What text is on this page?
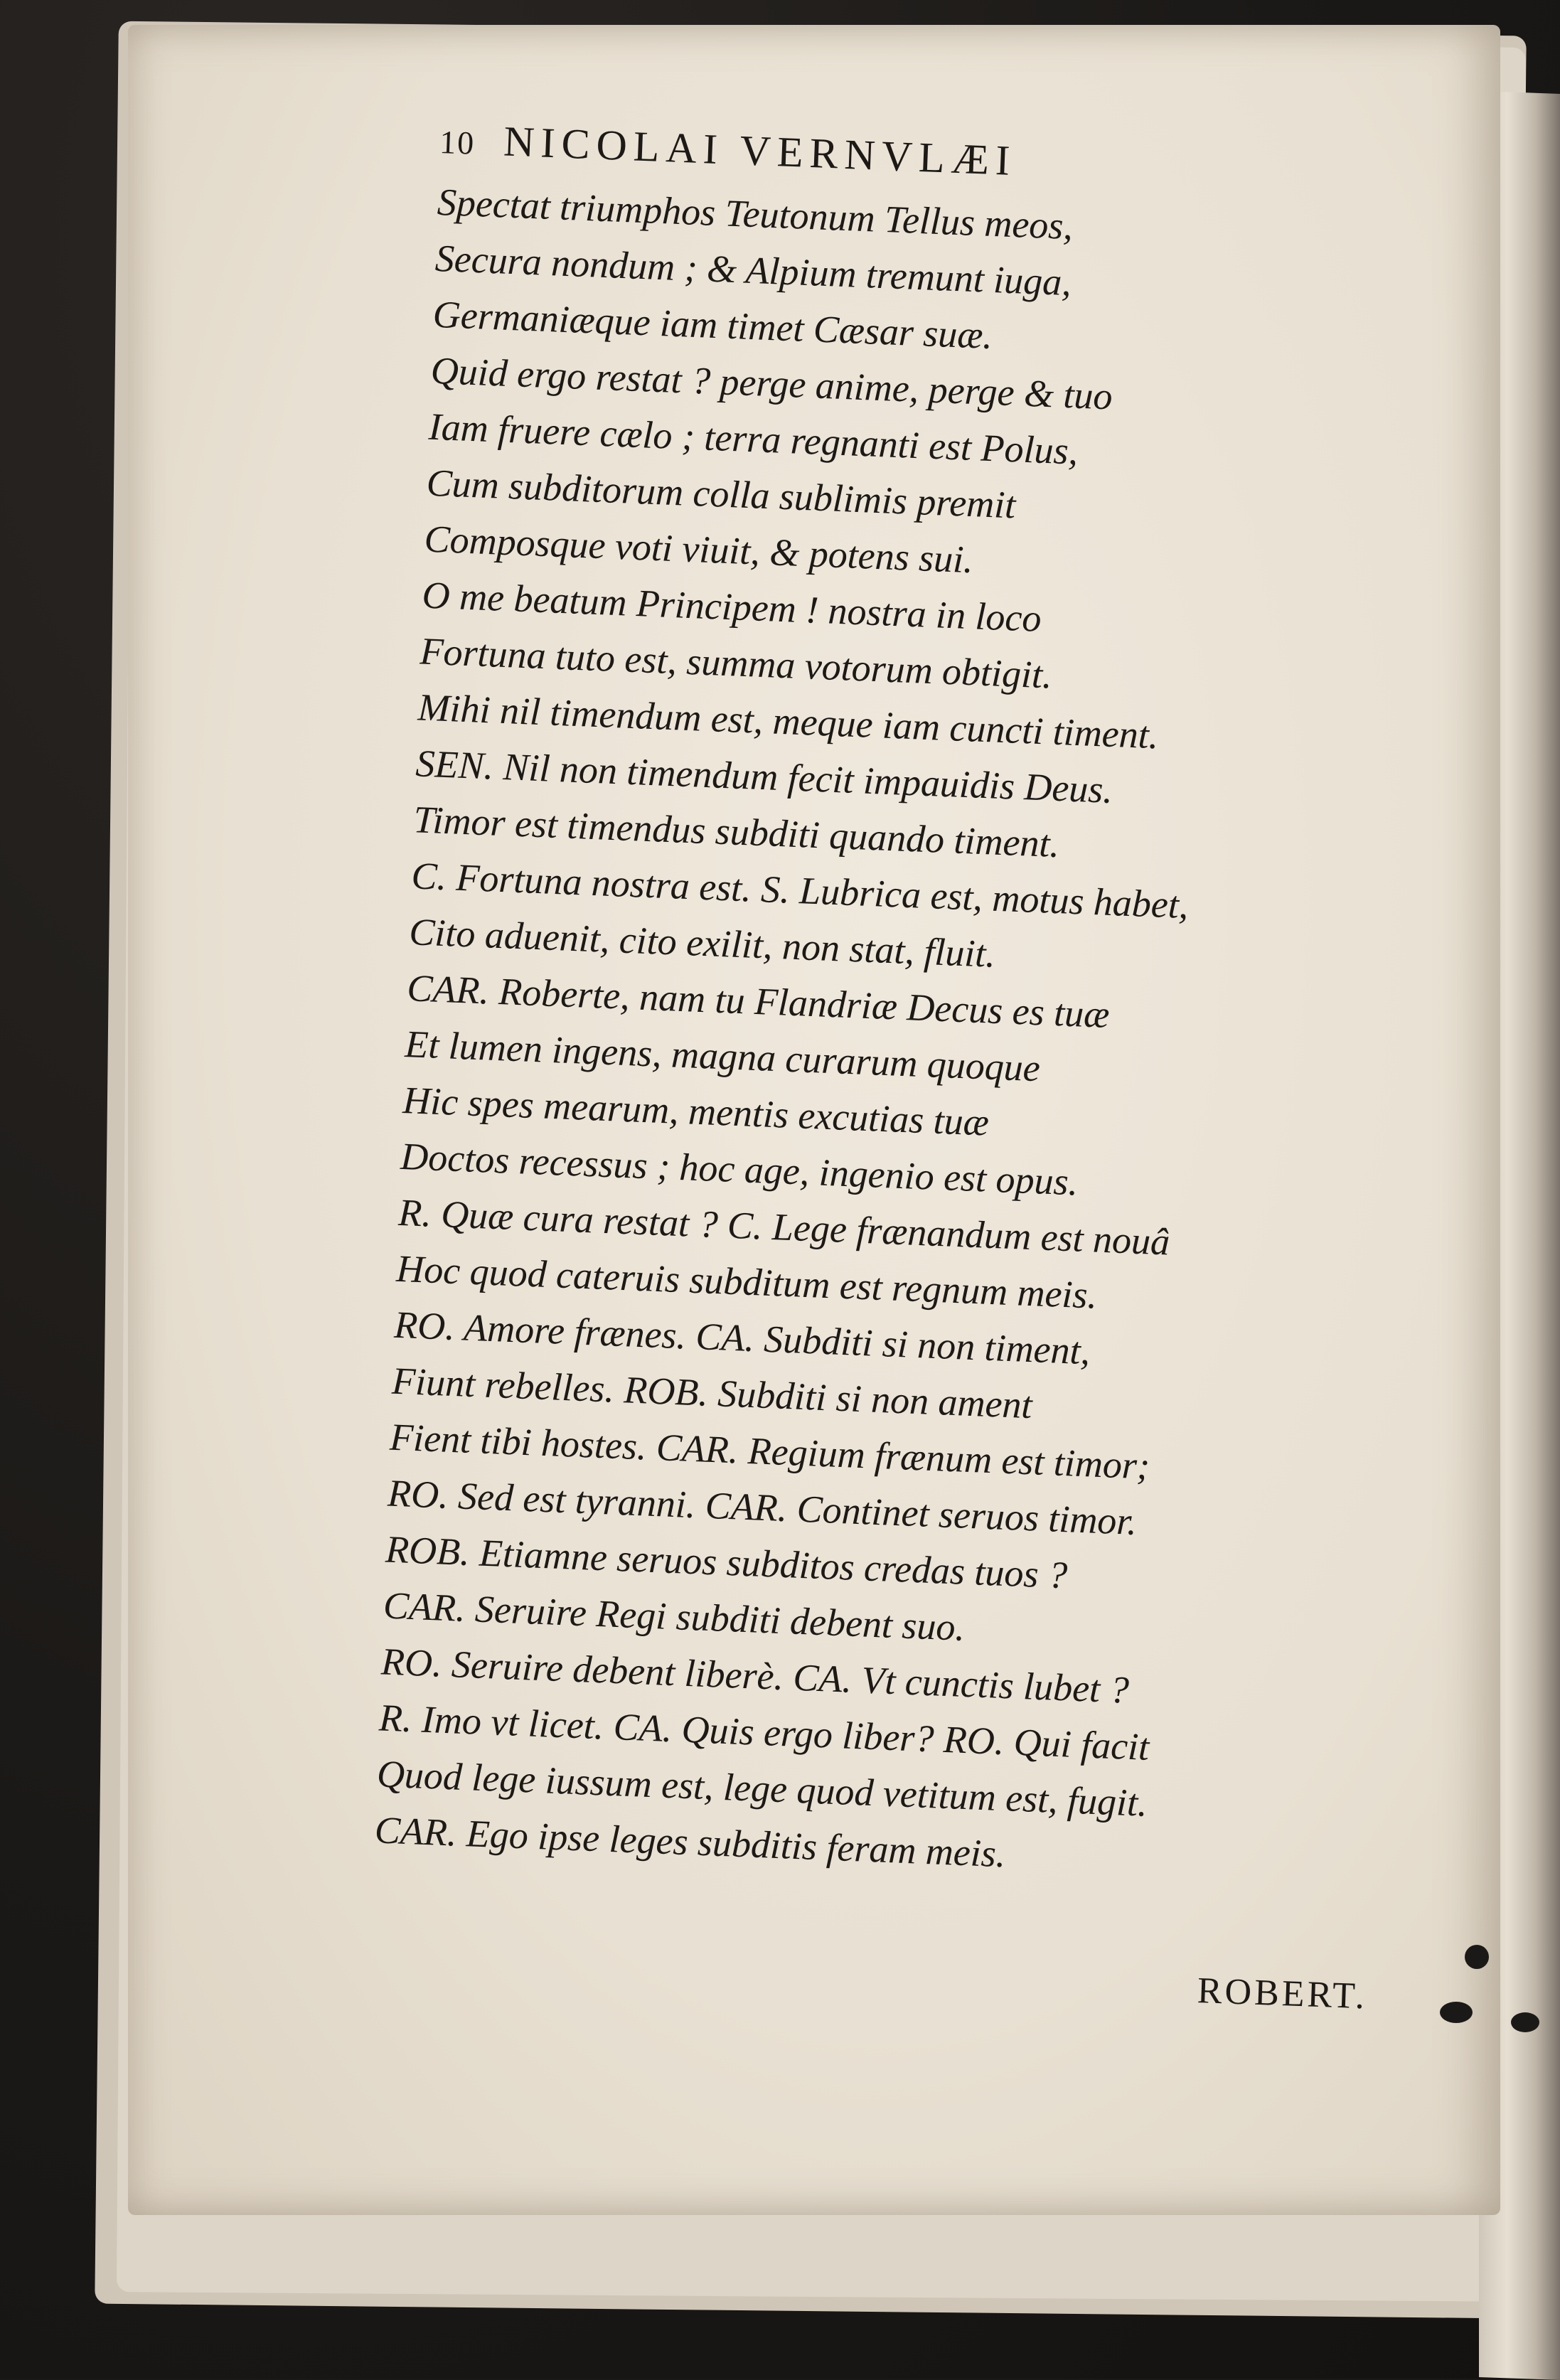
10 NICOLAI VERNVLÆI
Spectat triumphos Teutonum Tellus meos,
Secura nondum ; & Alpium tremunt iuga,
Germaniæque iam timet Cæsar suæ.
Quid ergo restat ? perge anime, perge & tuo
Iam fruere cælo ; terra regnanti est Polus,
Cum subditorum colla sublimis premit
Composque voti viuit, & potens sui.
O me beatum Principem ! nostra in loco
Fortuna tuto est, summa votorum obtigit.
Mihi nil timendum est, meque iam cuncti timent.
SEN. Nil non timendum fecit impauidis Deus.
Timor est timendus subditi quando timent.
C. Fortuna nostra est. S. Lubrica est, motus habet,
Cito aduenit, cito exilit, non stat, fluit.
CAR. Roberte, nam tu Flandriæ Decus es tuæ
Et lumen ingens, magna curarum quoque
Hic spes mearum, mentis excutias tuæ
Doctos recessus ; hoc age, ingenio est opus.
R. Quæ cura restat ? C. Lege frænandum est nouâ
Hoc quod cateruis subditum est regnum meis.
RO. Amore frænes. CA. Subditi si non timent,
Fiunt rebelles. ROB. Subditi si non ament
Fient tibi hostes. CAR. Regium frænum est timor;
RO. Sed est tyranni. CAR. Continet seruos timor.
ROB. Etiamne seruos subditos credas tuos ?
CAR. Seruire Regi subditi debent suo.
RO. Seruire debent liberè. CA. Vt cunctis lubet ?
R. Imo vt licet. CA. Quis ergo liber? RO. Qui facit
Quod lege iussum est, lege quod vetitum est, fugit.
CAR. Ego ipse leges subditis feram meis.
ROBERT.
